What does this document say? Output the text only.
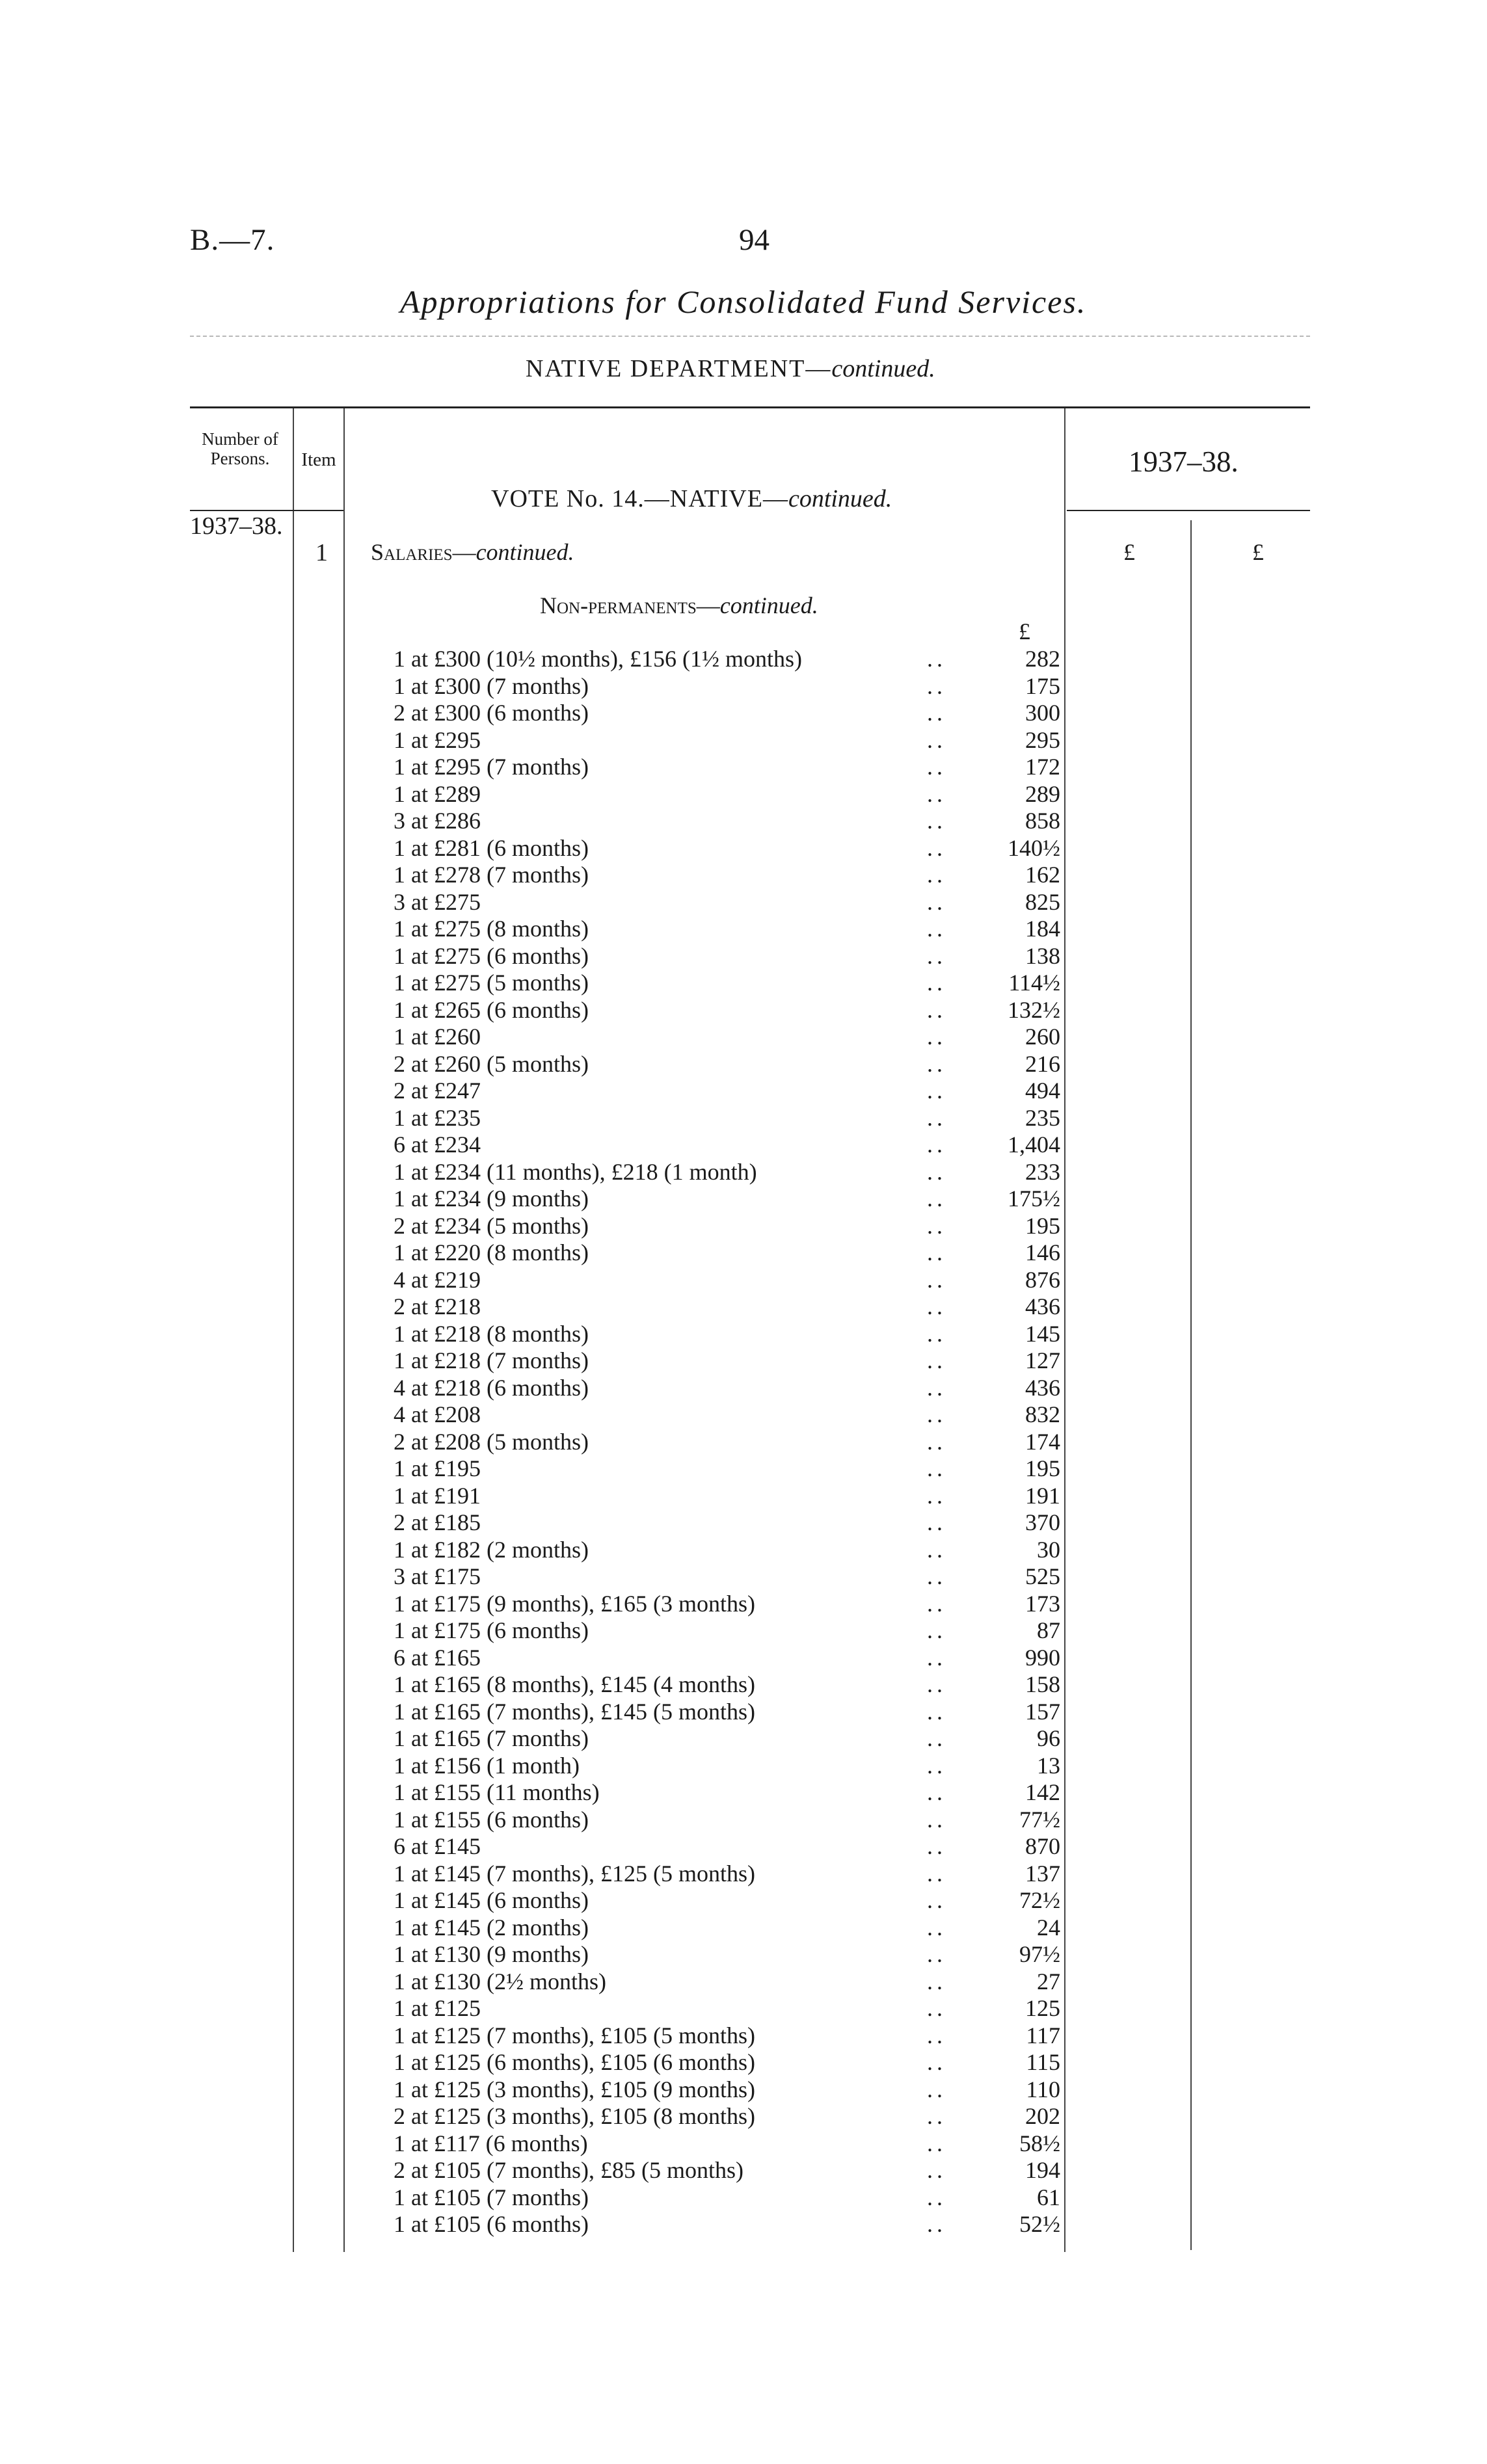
B.—7.	94
Appropriations for Consolidated Fund Services.
NATIVE DEPARTMENT—continued.
Number of Persons.	Item	1937–38.
1937–38.
VOTE No. 14.—NATIVE—continued.
1 Salaries—continued.	£	£
Non-permanents—continued.
£
1 at £300 (10½ months), £156 (1½ months)	..	282
1 at £300 (7 months)	..	175
2 at £300 (6 months)	..	300
1 at £295	..	295
1 at £295 (7 months)	..	172
1 at £289	..	289
3 at £286	..	858
1 at £281 (6 months)	..	140½
1 at £278 (7 months)	..	162
3 at £275	..	825
1 at £275 (8 months)	..	184
1 at £275 (6 months)	..	138
1 at £275 (5 months)	..	114½
1 at £265 (6 months)	..	132½
1 at £260	..	260
2 at £260 (5 months)	..	216
2 at £247	..	494
1 at £235	..	235
6 at £234	..	1,404
1 at £234 (11 months), £218 (1 month)	..	233
1 at £234 (9 months)	..	175½
2 at £234 (5 months)	..	195
1 at £220 (8 months)	..	146
4 at £219	..	876
2 at £218	..	436
1 at £218 (8 months)	..	145
1 at £218 (7 months)	..	127
4 at £218 (6 months)	..	436
4 at £208	..	832
2 at £208 (5 months)	..	174
1 at £195	..	195
1 at £191	..	191
2 at £185	..	370
1 at £182 (2 months)	..	30
3 at £175	..	525
1 at £175 (9 months), £165 (3 months)	..	173
1 at £175 (6 months)	..	87
6 at £165	..	990
1 at £165 (8 months), £145 (4 months)	..	158
1 at £165 (7 months), £145 (5 months)	..	157
1 at £165 (7 months)	..	96
1 at £156 (1 month)	..	13
1 at £155 (11 months)	..	142
1 at £155 (6 months)	..	77½
6 at £145	..	870
1 at £145 (7 months), £125 (5 months)	..	137
1 at £145 (6 months)	..	72½
1 at £145 (2 months)	..	24
1 at £130 (9 months)	..	97½
1 at £130 (2½ months)	..	27
1 at £125	..	125
1 at £125 (7 months), £105 (5 months)	..	117
1 at £125 (6 months), £105 (6 months)	..	115
1 at £125 (3 months), £105 (9 months)	..	110
2 at £125 (3 months), £105 (8 months)	..	202
1 at £117 (6 months)	..	58½
2 at £105 (7 months), £85 (5 months)	..	194
1 at £105 (7 months)	..	61
1 at £105 (6 months)	..	52½
